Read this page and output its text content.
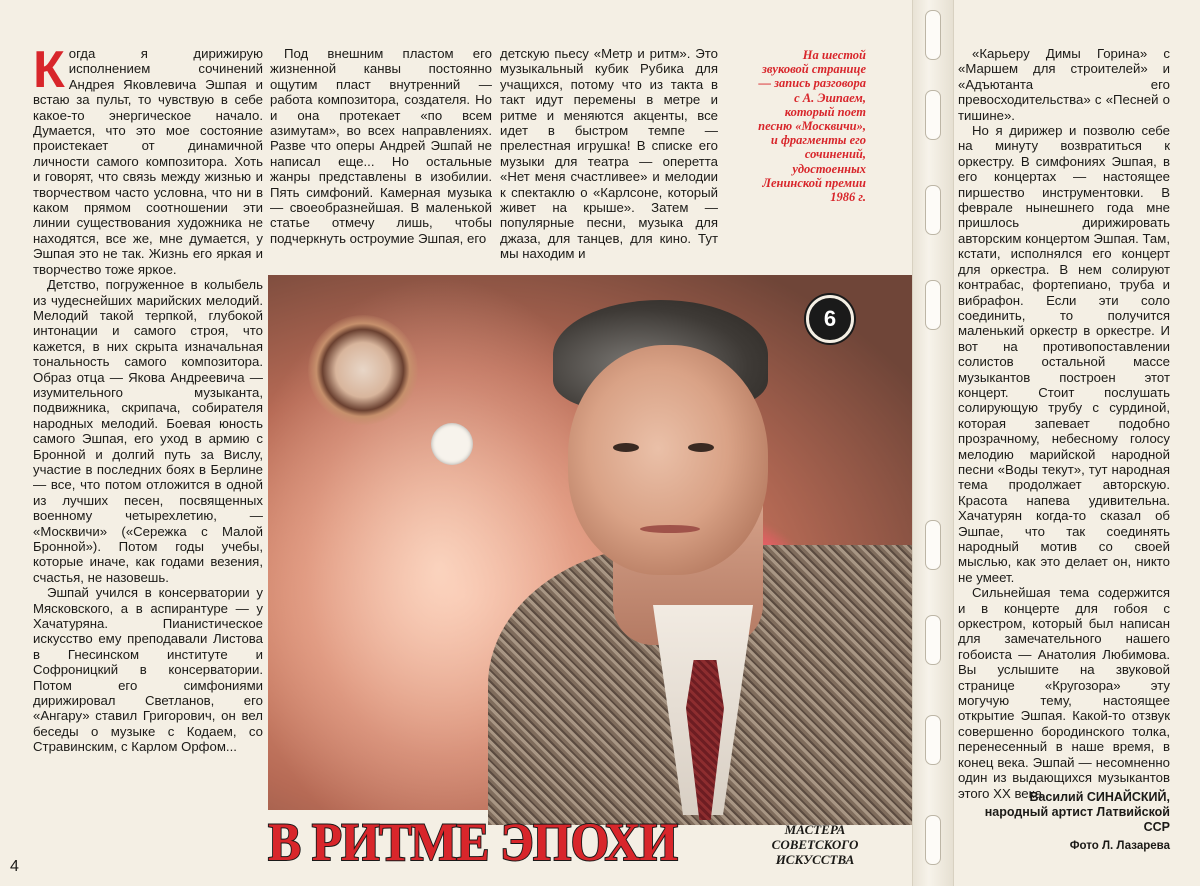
Когда я дирижирую исполнением сочинений Андрея Яковлевича Эшпая и встаю за пульт, то чувствую в себе какое-то энергическое начало. Думается, что это мое состояние проистекает от динамичной личности самого композитора. Хоть и говорят, что связь между жизнью и творчеством часто условна, что ни в каком прямом соотношении эти линии существования художника не находятся, все же, мне думается, у Эшпая это не так. Жизнь его яркая и творчество тоже яркое.

Детство, погруженное в колыбель из чудеснейших марийских мелодий. Мелодий такой терпкой, глубокой интонации и самого строя, что кажется, в них скрыта изначальная тональность самого композитора. Образ отца — Якова Андреевича — изумительного музыканта, подвижника, скрипача, собирателя народных мелодий. Боевая юность самого Эшпая, его уход в армию с Бронной и долгий путь за Вислу, участие в последних боях в Берлине — все, что потом отложится в одной из лучших песен, посвященных военному четырехлетию, — «Москвичи» («Сережка с Малой Бронной»). Потом годы учебы, которые иначе, как годами везения, счастья, не назовешь.

Эшпай учился в консерватории у Мясковского, а в аспирантуре — у Хачатуряна. Пианистическое искусство ему преподавали Листова в Гнесинском институте и Софроницкий в консерватории. Потом его симфониями дирижировал Светланов, его «Ангару» ставил Григорович, он вел беседы о музыке с Кодаем, со Стравинским, с Карлом Орфом...

Под внешним пластом его жизненной канвы постоянно ощутим пласт внутренний — работа композитора, создателя. Но и она протекает «по всем азимутам», во всех направлениях. Разве что оперы Андрей Эшпай не написал еще... Но остальные жанры представлены в изобилии. Пять симфоний. Камерная музыка — своеобразнейшая. В маленькой статье отмечу лишь, чтобы подчеркнуть остроумие Эшпая, его

детскую пьесу «Метр и ритм». Это музыкальный кубик Рубика для учащихся, потому что из такта в такт идут перемены в метре и ритме и меняются акценты, все идет в быстром темпе — прелестная игрушка! В списке его музыки для театра — оперетта «Нет меня счастливее» и мелодии к спектаклю о «Карлсоне, который живет на крыше». Затем — популярные песни, музыка для джаза, для танцев, для кино. Тут мы находим и

На шестой звуковой странице — запись разговора с А. Эшпаем, который поет песню «Москвичи», и фрагменты его сочинений, удостоенных Ленинской премии 1986 г.
6
В РИТМЕ ЭПОХИ	МАСТЕРА СОВЕТСКОГО ИСКУССТВА

«Карьеру Димы Горина» с «Маршем для строителей» и «Адъютанта его превосходительства» с «Песней о тишине».

Но я дирижер и позволю себе на минуту возвратиться к оркестру. В симфониях Эшпая, в его концертах — настоящее пиршество инструментовки. В феврале нынешнего года мне пришлось дирижировать авторским концертом Эшпая. Там, кстати, исполнялся его концерт для оркестра. В нем солируют контрабас, фортепиано, труба и вибрафон. Если эти соло соединить, то получится маленький оркестр в оркестре. И вот на противопоставлении солистов остальной массе музыкантов построен этот концерт. Стоит послушать солирующую трубу с сурдиной, которая запевает подобно прозрачному, небесному голосу мелодию марийской народной песни «Воды текут», тут народная тема продолжает авторскую. Красота напева удивительна. Хачатурян когда-то сказал об Эшпае, что так соединять народный мотив со своей мыслью, как это делает он, никто не умеет.

Сильнейшая тема содержится и в концерте для гобоя с оркестром, который был написан для замечательного нашего гобоиста — Анатолия Любимова. Вы услышите на звуковой странице «Кругозора» эту могучую тему, настоящее открытие Эшпая. Какой-то отзвук совершенно бородинского толка, перенесенный в наше время, в конец века. Эшпай — несомненно один из выдающихся музыкантов этого XX века.

Василий СИНАЙСКИЙ,
народный артист Латвийской ССР
Фото Л. Лазарева
4
